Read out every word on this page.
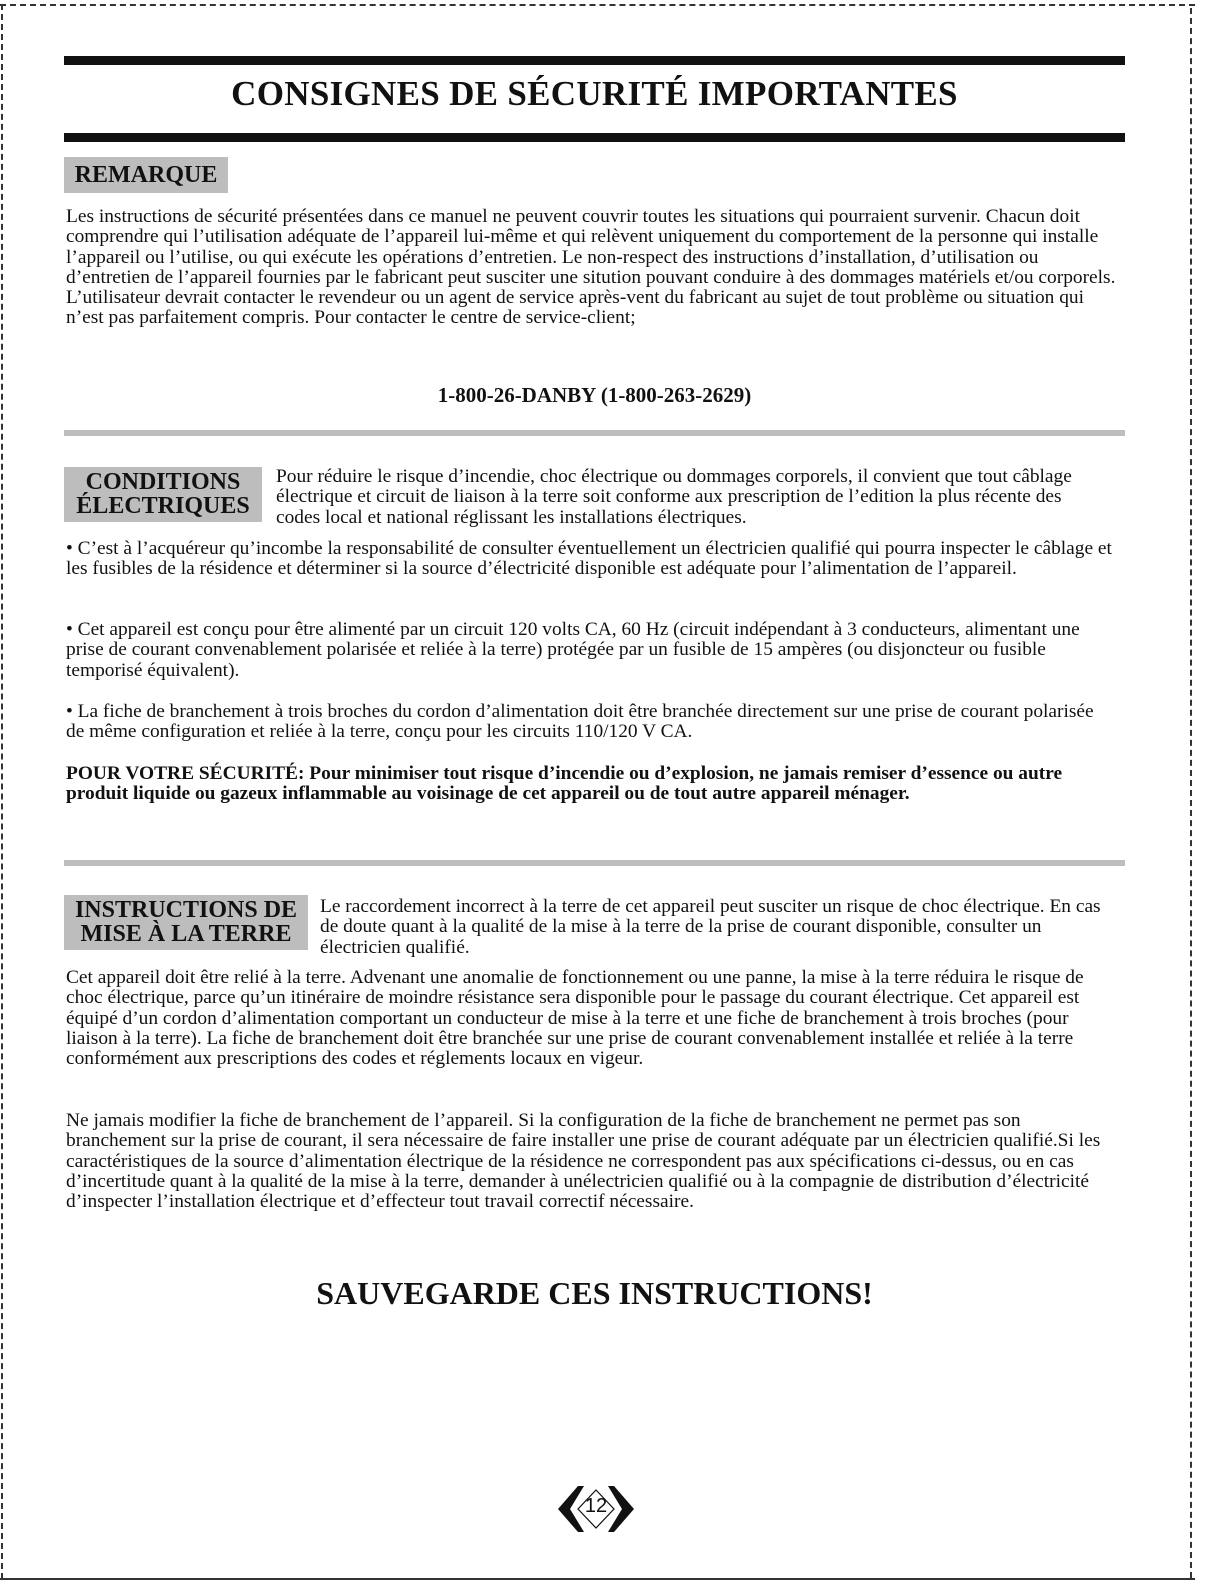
CONSIGNES DE SÉCURITÉ IMPORTANTES
REMARQUE

Les instructions de sécurité présentées dans ce manuel ne peuvent couvrir toutes les situations qui pourraient survenir. Chacun doit comprendre qui l’utilisation adéquate de l’appareil lui-même et qui relèvent uniquement du comportement de la personne qui installe l’appareil ou l’utilise, ou qui exécute les opérations d’entretien. Le non-respect des instructions d’installation, d’utilisation ou d’entretien de l’appareil fournies par le fabricant peut susciter une sitution pouvant conduire à des dommages matériels et/ou corporels. L’utilisateur devrait contacter le revendeur ou un agent de service après-vent du fabricant au sujet de tout problème ou situation qui n’est pas parfaitement compris. Pour contacter le centre de service-client;

1-800-26-DANBY (1-800-263-2629)
CONDITIONS
ÉLECTRIQUES

Pour réduire le risque d’incendie, choc électrique ou dommages corporels, il convient que tout câblage électrique et circuit de liaison à la terre soit conforme aux prescription de l’edition la plus récente des codes local et national réglissant les installations électriques.

• C’est à l’acquéreur qu’incombe la responsabilité de consulter éventuellement un électricien qualifié qui pourra inspecter le câblage et les fusibles de la résidence et déterminer si la source d’électricité disponible est adéquate pour l’alimentation de l’appareil.

• Cet appareil est conçu pour être alimenté par un circuit 120 volts CA, 60 Hz (circuit indépendant à 3 conducteurs, alimentant une prise de courant convenablement polarisée et reliée à la terre) protégée par un fusible de 15 ampères (ou disjoncteur ou fusible temporisé équivalent).

• La fiche de branchement à trois broches du cordon d’alimentation doit être branchée directement sur une prise de courant polarisée de même configuration et reliée à la terre, conçu pour les circuits 110/120 V CA.

POUR VOTRE SÉCURITÉ: Pour minimiser tout risque d’incendie ou d’explosion, ne jamais remiser d’essence ou autre produit liquide ou gazeux inflammable au voisinage de cet appareil ou de tout autre appareil ménager.

INSTRUCTIONS DE
MISE À LA TERRE

Le raccordement incorrect à la terre de cet appareil peut susciter un risque de choc électrique. En cas de doute quant à la qualité de la mise à la terre de la prise de courant disponible, consulter un électricien qualifié.

Cet appareil doit être relié à la terre. Advenant une anomalie de fonctionnement ou une panne, la mise à la terre réduira le risque de choc électrique, parce qu’un itinéraire de moindre résistance sera disponible pour le passage du courant électrique. Cet appareil est équipé d’un cordon d’alimentation comportant un conducteur de mise à la terre et une fiche de branchement à trois broches (pour liaison à la terre). La fiche de branchement doit être branchée sur une prise de courant convenablement installée et reliée à la terre conformément aux prescriptions des codes et réglements locaux en vigeur.

Ne jamais modifier la fiche de branchement de l’appareil. Si la configuration de la fiche de branchement ne permet pas son branchement sur la prise de courant, il sera nécessaire de faire installer une prise de courant adéquate par un électricien qualifié.Si les caractéristiques de la source d’alimentation électrique de la résidence ne correspondent pas aux spécifications ci-dessus, ou en cas d’incertitude quant à la qualité de la mise à la terre, demander à unélectricien qualifié ou à la compagnie de distribution d’électricité d’inspecter l’installation électrique et d’effecteur tout travail correctif nécessaire.

SAUVEGARDE CES INSTRUCTIONS!
12
